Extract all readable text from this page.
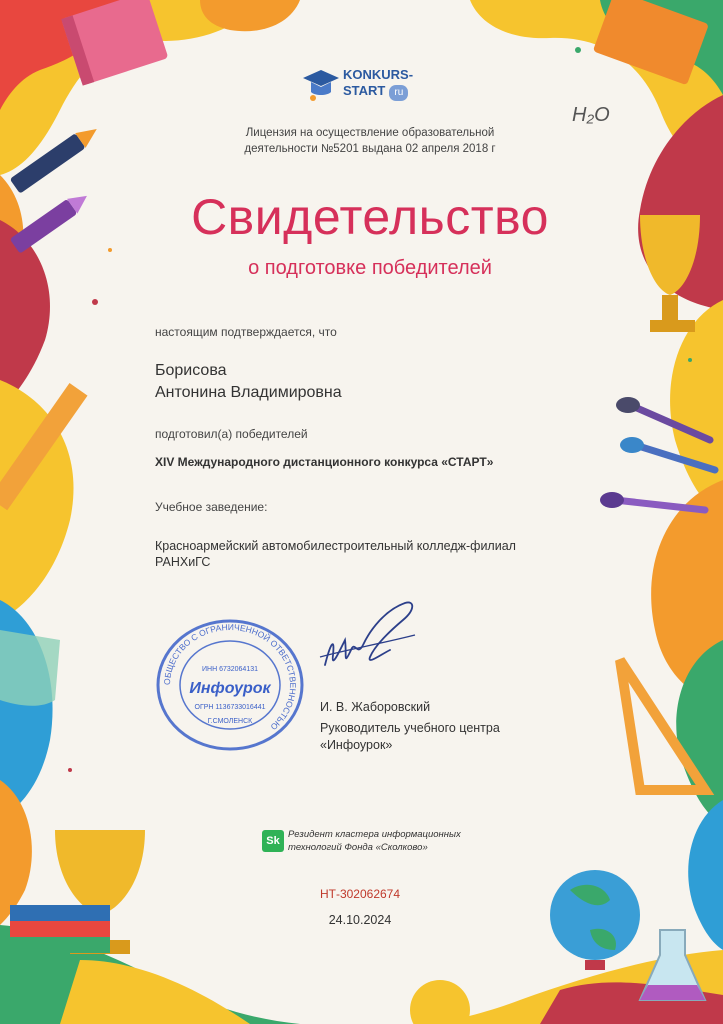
KONKURS-
START ru
H₂O
Лицензия на осуществление образовательной
деятельности №5201 выдана 02 апреля 2018 г
Свидетельство
о подготовке победителей
настоящим подтверждается, что
Борисова
Антонина Владимировна
подготовил(а) победителей
XIV Международного дистанционного конкурса «СТАРТ»
Учебное заведение:
Красноармейский автомобилестроительный колледж-филиал
РАНХиГС
ОБЩЕСТВО С ОГРАНИЧЕННОЙ ОТВЕТСТВЕННОСТЬЮ
ИНН 6732064131
Инфоурок
ОГРН 1136733016441
Г.СМОЛЕНСК
И. В. Жаборовский
Руководитель учебного центра
«Инфоурок»
Sk
Резидент кластера информационных
технологий Фонда «Сколково»
НТ-302062674
24.10.2024
